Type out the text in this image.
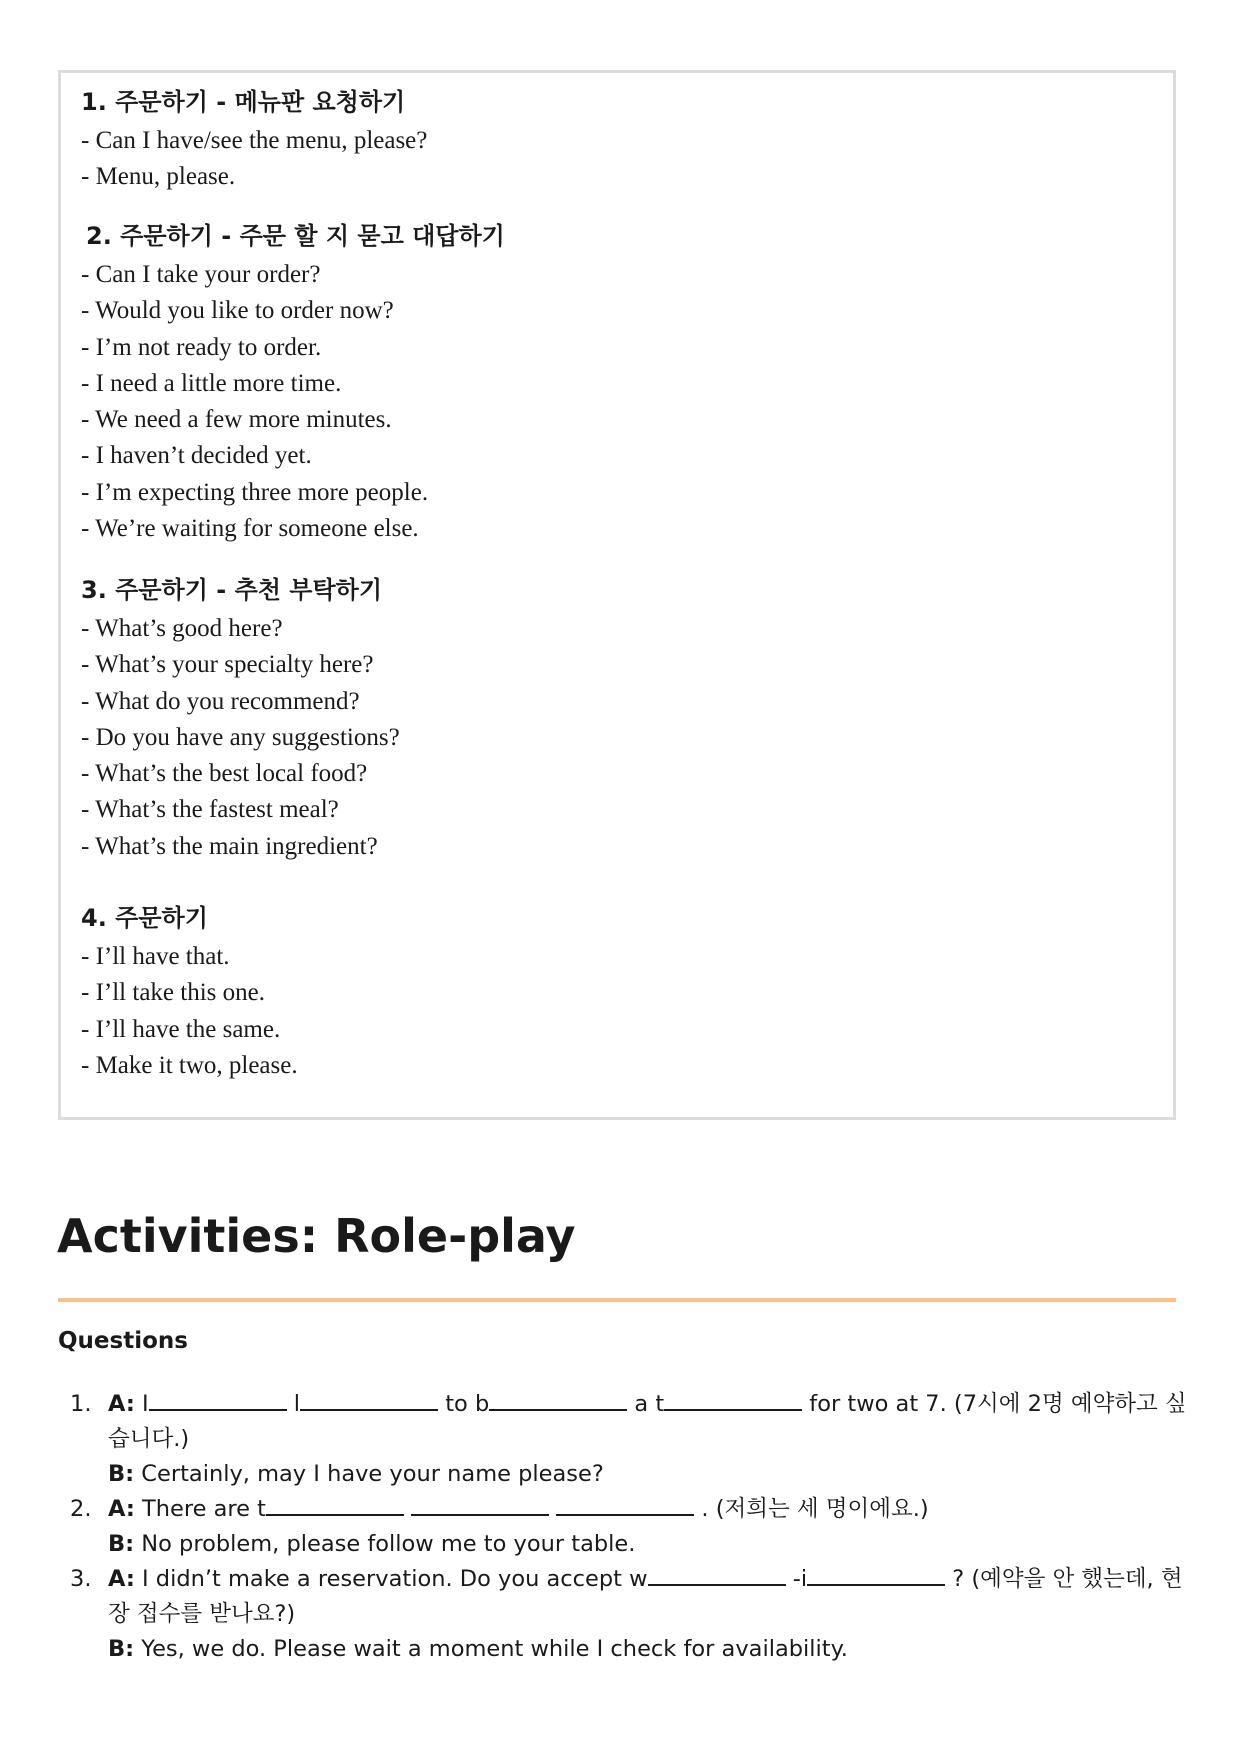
1. 주문하기 - 메뉴판 요청하기
- Can I have/see the menu, please?
- Menu, please.
2. 주문하기 - 주문 할 지 묻고 대답하기
- Can I take your order?
- Would you like to order now?
- I’m not ready to order.
- I need a little more time.
- We need a few more minutes.
- I haven’t decided yet.
- I’m expecting three more people.
- We’re waiting for someone else.
3. 주문하기 - 추천 부탁하기
- What’s good here?
- What’s your specialty here?
- What do you recommend?
- Do you have any suggestions?
- What’s the best local food?
- What’s the fastest meal?
- What’s the main ingredient?
4. 주문하기
- I’ll have that.
- I’ll take this one.
- I’ll have the same.
- Make it two, please.
Activities: Role-play
Questions
1. A: I	l	to b	a t	for two at 7. (7시에 2명 예약하고 싶습니다.)

B: Certainly, may I have your name please?

2. A: There are t	. (저희는 세 명이에요.)

B: No problem, please follow me to your table.

3. A: I didn’t make a reservation. Do you accept w	-i	? (예약을 안 했는데, 현장 접수를 받나요?)

B: Yes, we do. Please wait a moment while I check for availability.
